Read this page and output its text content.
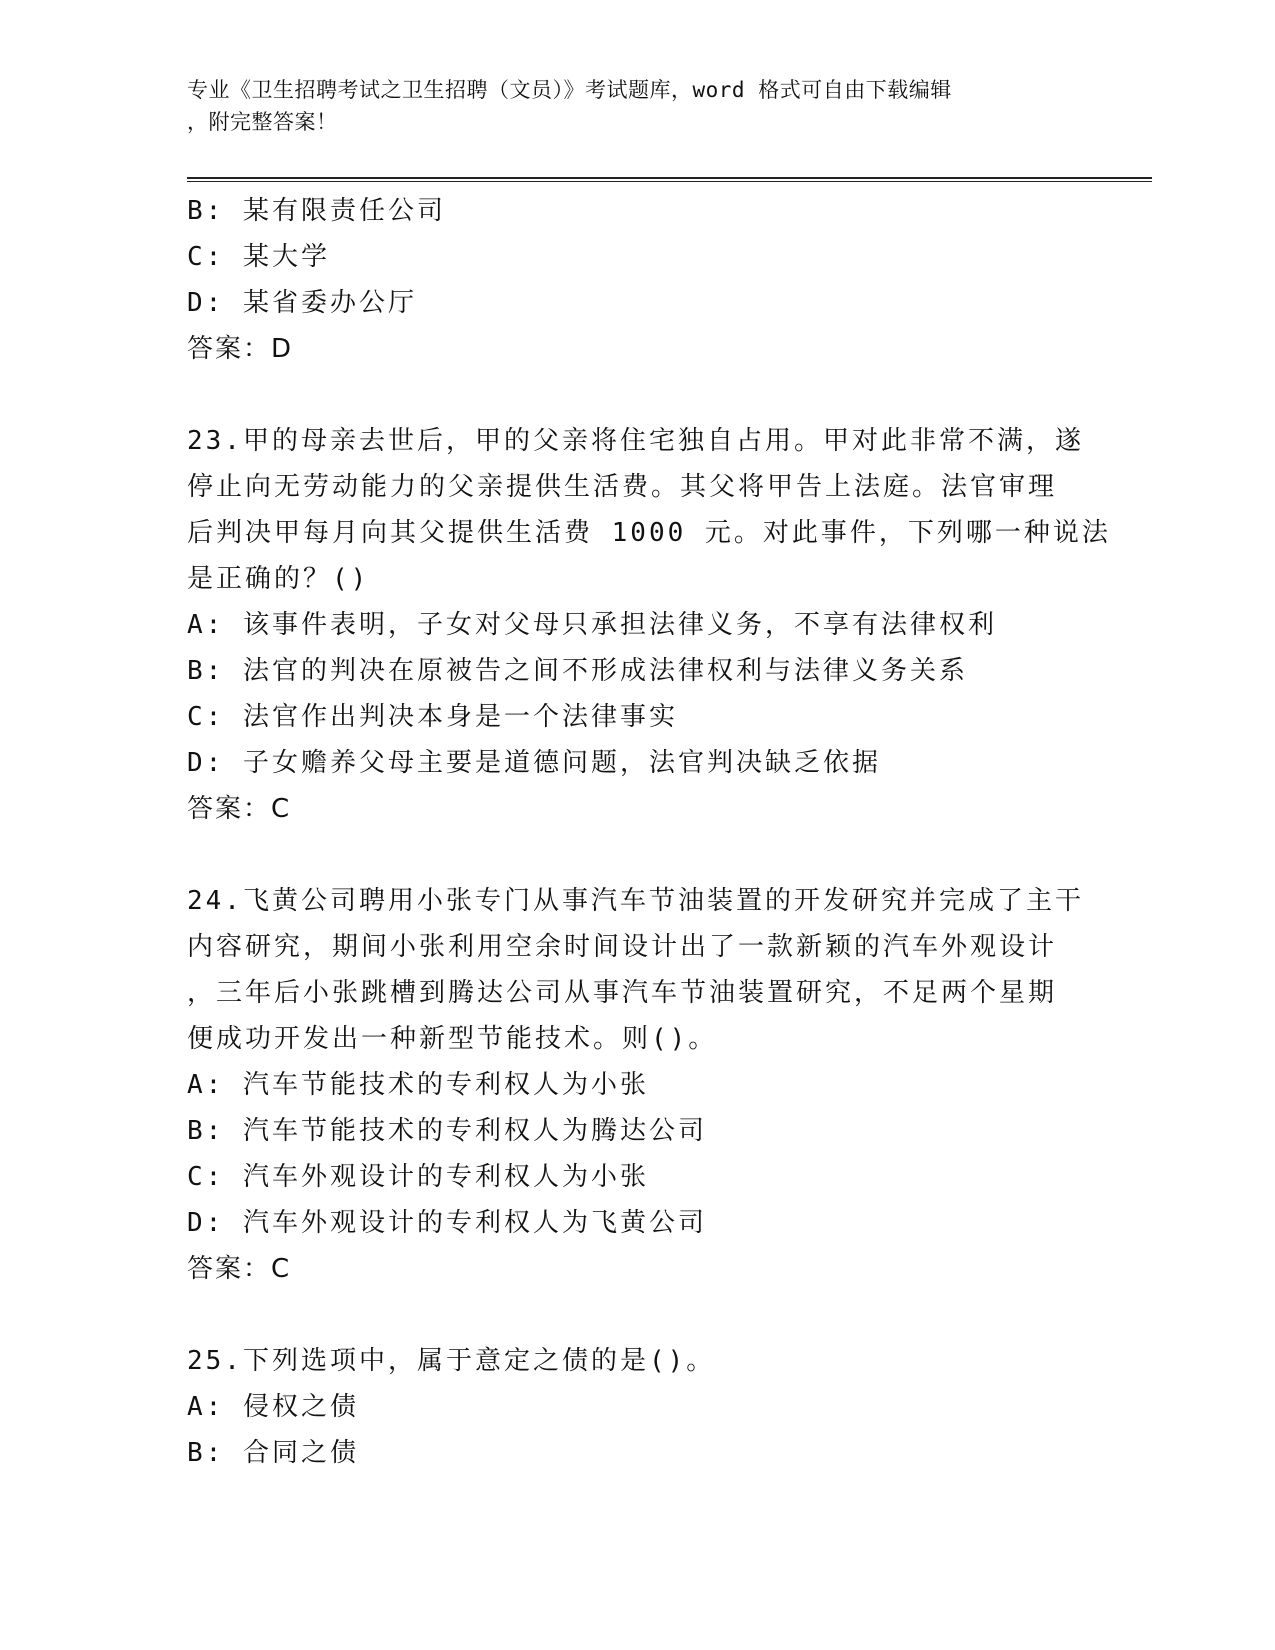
专业《卫生招聘考试之卫生招聘（文员）》考试题库，word 格式可自由下载编辑
，附完整答案！
B: 某有限责任公司
C: 某大学
D: 某省委办公厅
答案：D
23.甲的母亲去世后，甲的父亲将住宅独自占用。甲对此非常不满，遂
停止向无劳动能力的父亲提供生活费。其父将甲告上法庭。法官审理
后判决甲每月向其父提供生活费 1000 元。对此事件，下列哪一种说法
是正确的？()
A: 该事件表明，子女对父母只承担法律义务，不享有法律权利
B: 法官的判决在原被告之间不形成法律权利与法律义务关系
C: 法官作出判决本身是一个法律事实
D: 子女赡养父母主要是道德问题，法官判决缺乏依据
答案：C
24.飞黄公司聘用小张专门从事汽车节油装置的开发研究并完成了主干
内容研究，期间小张利用空余时间设计出了一款新颖的汽车外观设计
，三年后小张跳槽到腾达公司从事汽车节油装置研究，不足两个星期
便成功开发出一种新型节能技术。则()。
A: 汽车节能技术的专利权人为小张
B: 汽车节能技术的专利权人为腾达公司
C: 汽车外观设计的专利权人为小张
D: 汽车外观设计的专利权人为飞黄公司
答案：C
25.下列选项中，属于意定之债的是()。
A: 侵权之债
B: 合同之债
